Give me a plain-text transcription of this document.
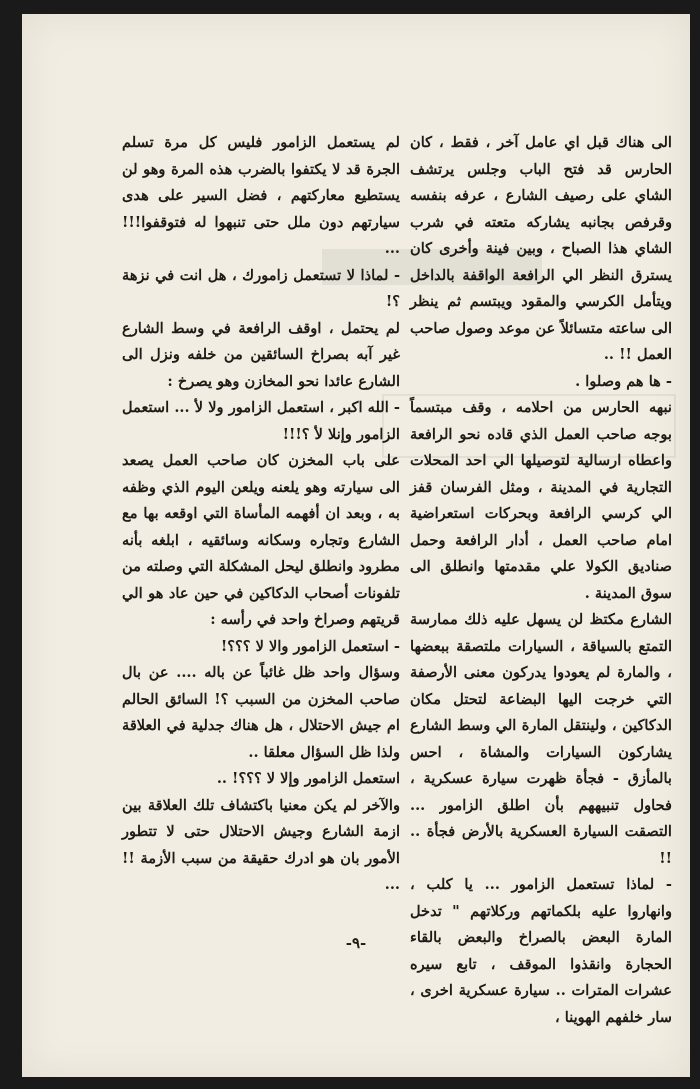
الى هناك قبل اي عامل آخر ، فقط ، كان الحارس قد فتح الباب وجلس يرتشف الشاي على رصيف الشارع ، عرفه بنفسه وقرفص بجانبه يشاركه متعته في شرب الشاي هذا الصباح ، وبين فينة وأخرى كان يسترق النظر الي الرافعة الواقفة بالداخل ويتأمل الكرسي والمقود ويبتسم ثم ينظر الى ساعته متسائلاً عن موعد وصول صاحب العمل !! ..

- ها هم وصلوا .

نبهه الحارس من احلامه ، وقف مبتسماً بوجه صاحب العمل الذي قاده نحو الرافعة واعطاه ارسالية لتوصيلها الي احد المحلات التجارية في المدينة ، ومثل الفرسان قفز الي كرسي الرافعة وبحركات استعراضية امام صاحب العمل ، أدار الرافعة وحمل صناديق الكولا علي مقدمتها وانطلق الى سوق المدينة .

الشارع مكتظ لن يسهل عليه ذلك ممارسة التمتع بالسياقة ، السيارات ملتصقة ببعضها ، والمارة لم يعودوا يدركون معنى الأرصفة التي خرجت اليها البضاعة لتحتل مكان الدكاكين ، ولينتقل المارة الي وسط الشارع يشاركون السيارات والمشاة ، احس بالمأزق - فجأة ظهرت سيارة عسكرية ، فحاول تنبيههم بأن اطلق الزامور ... التصقت السيارة العسكرية بالأرض فجأة .. !!

- لماذا تستعمل الزامور ... يا كلب ، وانهاروا عليه بلكماتهم وركلاتهم " تدخل المارة البعض بالصراخ والبعض بالقاء الحجارة وانقذوا الموقف ، تابع سيره عشرات المترات .. سيارة عسكرية اخرى ، سار خلفهم الهوينا ،

لم يستعمل الزامور فليس كل مرة تسلم الجرة قد لا يكتفوا بالضرب هذه المرة وهو لن يستطيع معاركتهم ، فضل السير على هدى سيارتهم دون ملل حتى تنبهوا له فتوقفوا!!! ...

- لماذا لا تستعمل زامورك ، هل انت في نزهة ؟!

لم يحتمل ، اوقف الرافعة في وسط الشارع غير آبه بصراخ السائقين من خلفه ونزل الى الشارع عائدا نحو المخازن وهو يصرخ :

- الله اكبر ، استعمل الزامور ولا لأ ... استعمل الزامور وإنلا لأ ؟!!!

على باب المخزن كان صاحب العمل يصعد الى سيارته وهو يلعنه ويلعن اليوم الذي وظفه به ، وبعد ان أفهمه المأساة التي اوقعه بها مع الشارع وتجاره وسكانه وسائقيه ، ابلغه بأنه مطرود وانطلق ليحل المشكلة التي وصلته من تلفونات أصحاب الدكاكين في حين عاد هو الي قريتهم وصراخ واحد في رأسه :

- استعمل الزامور والا لا ؟؟؟!

وسؤال واحد ظل غائباً عن باله .... عن بال صاحب المخزن من السبب ؟! السائق الحالم ام جيش الاحتلال ، هل هناك جدلية في العلاقة ولذا ظل السؤال معلقا ..

استعمل الزامور وإلا لا ؟؟؟! ..

والآخر لم يكن معنيا باكتشاف تلك العلاقة بين ازمة الشارع وجيش الاحتلال حتى لا تتطور الأمور بان هو ادرك حقيقة من سبب الأزمة !! ...

-٩-
